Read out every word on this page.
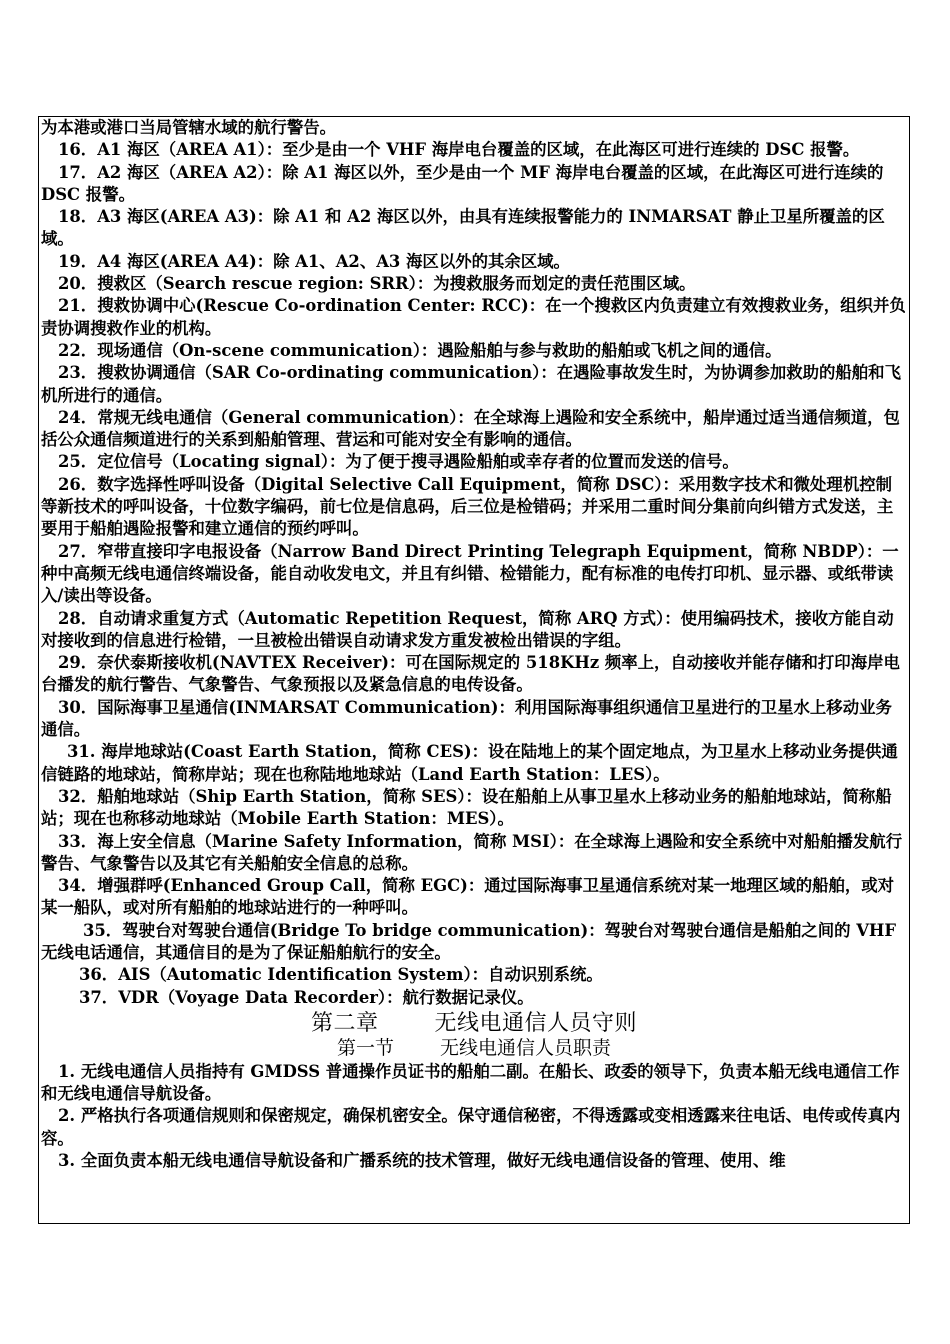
为本港或港口当局管辖水域的航行警告。

16．A1 海区（AREA A1）：至少是由一个 VHF 海岸电台覆盖的区域，在此海区可进行连续的 DSC 报警。

17．A2 海区（AREA A2）：除 A1 海区以外，至少是由一个 MF 海岸电台覆盖的区域，在此海区可进行连续的 DSC 报警。

18．A3 海区(AREA A3)：除 A1 和 A2 海区以外，由具有连续报警能力的 INMARSAT 静止卫星所覆盖的区域。

19．A4 海区(AREA A4)：除 A1、A2、A3 海区以外的其余区域。

20．搜救区（Search rescue region: SRR）：为搜救服务而划定的责任范围区域。

21．搜救协调中心(Rescue Co-ordination Center: RCC)：在一个搜救区内负责建立有效搜救业务，组织并负责协调搜救作业的机构。

22．现场通信（On-scene communication）：遇险船舶与参与救助的船舶或飞机之间的通信。

23．搜救协调通信（SAR Co-ordinating communication）：在遇险事故发生时，为协调参加救助的船舶和飞机所进行的通信。

24．常规无线电通信（General communication）：在全球海上遇险和安全系统中，船岸通过适当通信频道，包括公众通信频道进行的关系到船舶管理、营运和可能对安全有影响的通信。

25．定位信号（Locating signal）：为了便于搜寻遇险船舶或幸存者的位置而发送的信号。

26．数字选择性呼叫设备（Digital Selective Call Equipment，简称 DSC）：采用数字技术和微处理机控制等新技术的呼叫设备，十位数字编码，前七位是信息码，后三位是检错码；并采用二重时间分集前向纠错方式发送，主要用于船舶遇险报警和建立通信的预约呼叫。

27．窄带直接印字电报设备（Narrow Band Direct Printing Telegraph Equipment，简称 NBDP）：一种中高频无线电通信终端设备，能自动收发电文，并且有纠错、检错能力，配有标准的电传打印机、显示器、或纸带读入/读出等设备。

28．自动请求重复方式（Automatic Repetition Request，简称 ARQ 方式）：使用编码技术，接收方能自动对接收到的信息进行检错，一旦被检出错误自动请求发方重发被检出错误的字组。

29．奈伏泰斯接收机(NAVTEX Receiver)：可在国际规定的 518KHz 频率上，自动接收并能存储和打印海岸电台播发的航行警告、气象警告、气象预报以及紧急信息的电传设备。

30．国际海事卫星通信(INMARSAT Communication)：利用国际海事组织通信卫星进行的卫星水上移动业务通信。

31. 海岸地球站(Coast Earth Station，简称 CES)：设在陆地上的某个固定地点，为卫星水上移动业务提供通信链路的地球站，简称岸站；现在也称陆地地球站（Land Earth Station：LES）。

32．船舶地球站（Ship Earth Station，简称 SES）：设在船舶上从事卫星水上移动业务的船舶地球站，简称船站；现在也称移动地球站（Mobile Earth Station：MES）。

33．海上安全信息（Marine Safety Information，简称 MSI）：在全球海上遇险和安全系统中对船舶播发航行警告、气象警告以及其它有关船舶安全信息的总称。

34．增强群呼(Enhanced Group Call，简称 EGC)：通过国际海事卫星通信系统对某一地理区域的船舶，或对某一船队，或对所有船舶的地球站进行的一种呼叫。

35．驾驶台对驾驶台通信(Bridge To bridge communication)：驾驶台对驾驶台通信是船舶之间的 VHF 无线电话通信，其通信目的是为了保证船舶航行的安全。

36．AIS（Automatic Identification System）：自动识别系统。

37．VDR（Voyage Data Recorder）：航行数据记录仪。

第二章	无线电通信人员守则
第一节 无线电通信人员职责

1. 无线电通信人员指持有 GMDSS 普通操作员证书的船舶二副。在船长、政委的领导下，负责本船无线电通信工作和无线电通信导航设备。

2. 严格执行各项通信规则和保密规定，确保机密安全。保守通信秘密，不得透露或变相透露来往电话、电传或传真内容。

3. 全面负责本船无线电通信导航设备和广播系统的技术管理，做好无线电通信设备的管理、使用、维
